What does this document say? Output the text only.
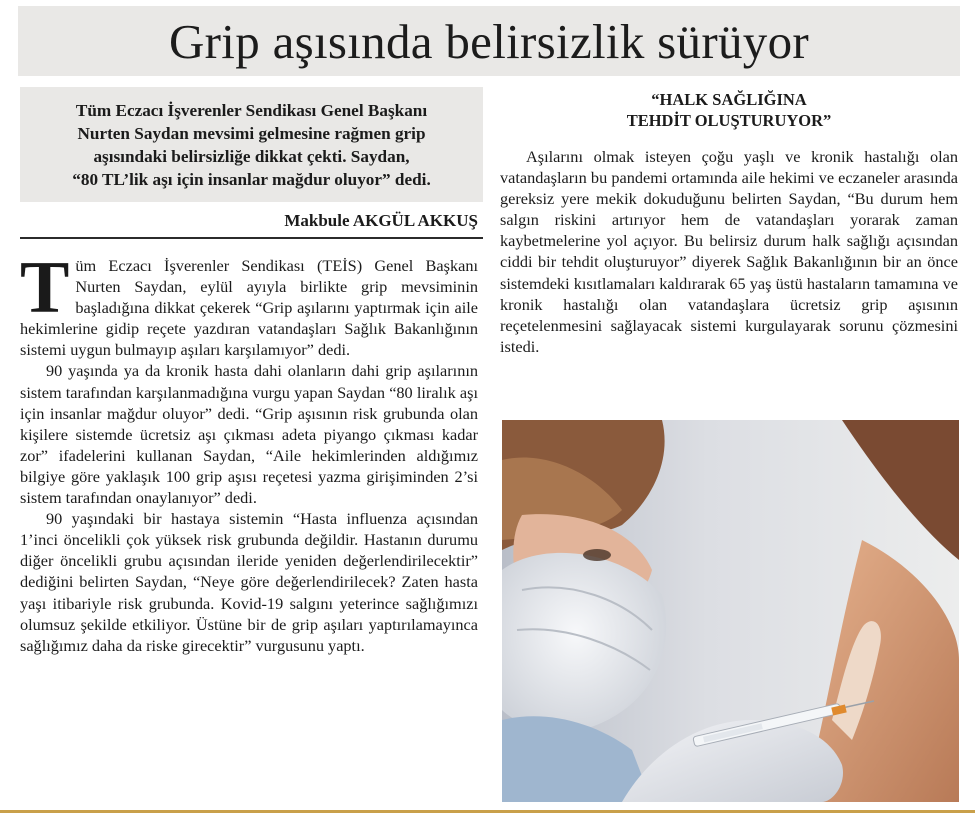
Grip aşısında belirsizlik sürüyor

Tüm Eczacı İşverenler Sendikası Genel Başkanı
Nurten Saydan mevsimi gelmesine rağmen grip
aşısındaki belirsizliğe dikkat çekti. Saydan,
“80 TL’lik aşı için insanlar mağdur oluyor” dedi.

Makbule AKGÜL AKKUŞ

Tüm Eczacı İşverenler Sendikası (TEİS) Genel Başkanı Nurten Saydan, eylül ayıyla birlikte grip mevsiminin başladığına dikkat çekerek “Grip aşılarını yaptırmak için aile hekimlerine gidip reçete yazdıran vatandaşları Sağlık Bakanlığının sistemi uygun bulmayıp aşıları karşılamıyor” dedi.

90 yaşında ya da kronik hasta dahi olanların dahi grip aşılarının sistem tarafından karşılanmadığına vurgu yapan Saydan “80 liralık aşı için insanlar mağdur oluyor” dedi. “Grip aşısının risk grubunda olan kişilere sistemde ücretsiz aşı çıkması adeta piyango çıkması kadar zor” ifadelerini kullanan Saydan, “Aile hekimlerinden aldığımız bilgiye göre yaklaşık 100 grip aşısı reçetesi yazma girişiminden 2’si sistem tarafından onaylanıyor” dedi.

90 yaşındaki bir hastaya sistemin “Hasta influenza açısından 1’inci öncelikli çok yüksek risk grubunda değildir. Hastanın durumu diğer öncelikli grubu açısından ileride yeniden değerlendirilecektir” dediğini belirten Saydan, “Neye göre değerlendirilecek? Zaten hasta yaşı itibariyle risk grubunda. Kovid-19 salgını yeterince sağlığımızı olumsuz şekilde etkiliyor. Üstüne bir de grip aşıları yaptırılamayınca sağlığımız daha da riske girecektir” vurgusunu yaptı.

“HALK SAĞLIĞINA
TEHDİT OLUŞTURUYOR”

Aşılarını olmak isteyen çoğu yaşlı ve kronik hastalığı olan vatandaşların bu pandemi ortamında aile hekimi ve eczaneler arasında gereksiz yere mekik dokuduğunu belirten Saydan, “Bu durum hem salgın riskini artırıyor hem de vatandaşları yorarak zaman kaybetmelerine yol açıyor. Bu belirsiz durum halk sağlığı açısından ciddi bir tehdit oluşturuyor” diyerek Sağlık Bakanlığının bir an önce sistemdeki kısıtlamaları kaldırarak 65 yaş üstü hastaların tamamına ve kronik hastalığı olan vatandaşlara ücretsiz grip aşısının reçetelenmesini sağlayacak sistemi kurgulayarak sorunu çözmesini istedi.
